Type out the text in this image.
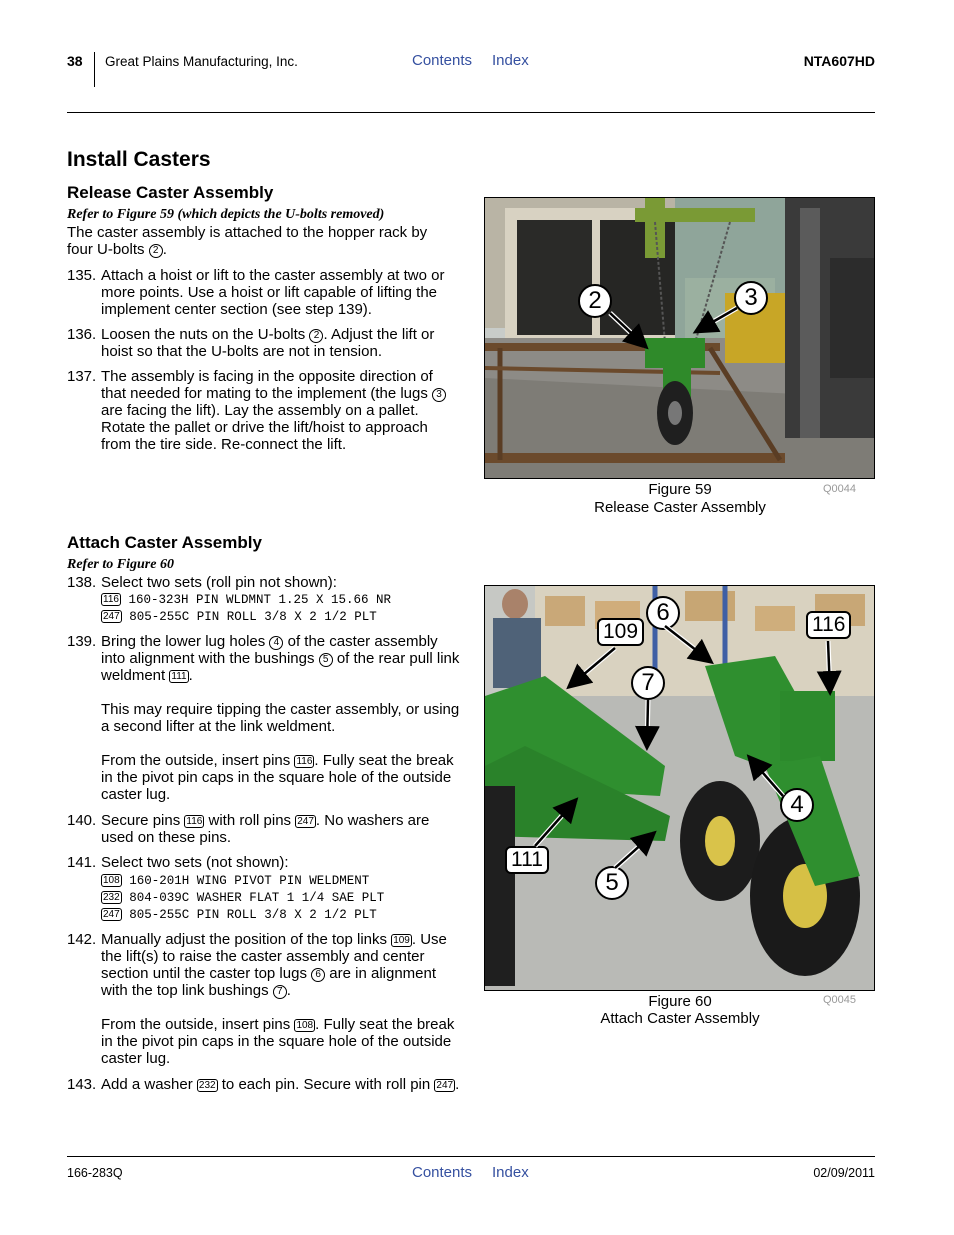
38 Great Plains Manufacturing, Inc.	Contents Index	NTA607HD
Install Casters
Release Caster Assembly
Refer to Figure 59 (which depicts the U-bolts removed)
The caster assembly is attached to the hopper rack by four U-bolts 2 .
135. Attach a hoist or lift to the caster assembly at two or more points. Use a hoist or lift capable of lifting the implement center section (see step 139).
136. Loosen the nuts on the U-bolts 2 . Adjust the lift or hoist so that the U-bolts are not in tension.
137. The assembly is facing in the opposite direction of that needed for mating to the implement (the lugs 3 are facing the lift). Lay the assembly on a pallet. Rotate the pallet or drive the lift/hoist to approach from the tire side. Re-connect the lift.
2	3
Figure 59
Release Caster Assembly
Q0044
Attach Caster Assembly
Refer to Figure 60
138. Select two sets (roll pin not shown):
116 160-323H PIN WLDMNT 1.25 X 15.66 NR
247 805-255C PIN ROLL 3/8 X 2 1/2 PLT
139. Bring the lower lug holes 4 of the caster assembly into alignment with the bushings 5 of the rear pull link weldment 111 .

This may require tipping the caster assembly, or using a second lifter at the link weldment.

From the outside, insert pins 116 . Fully seat the break in the pivot pin caps in the square hole of the outside caster lug.

140. Secure pins 116 with roll pins 247 . No washers are used on these pins.
141. Select two sets (not shown):
108 160-201H WING PIVOT PIN WELDMENT
232 804-039C WASHER FLAT 1 1/4 SAE PLT
247 805-255C PIN ROLL 3/8 X 2 1/2 PLT
142. Manually adjust the position of the top links 109 . Use the lift(s) to raise the caster assembly and center section until the caster top lugs 6 are in alignment with the top link bushings 7 .

From the outside, insert pins 108 . Fully seat the break in the pivot pin caps in the square hole of the outside caster lug.

143. Add a washer 232 to each pin. Secure with roll pin 247 .
6
109	116
7
4
111
5
Figure 60
Attach Caster Assembly
Q0045
166-283Q	Contents Index	02/09/2011
